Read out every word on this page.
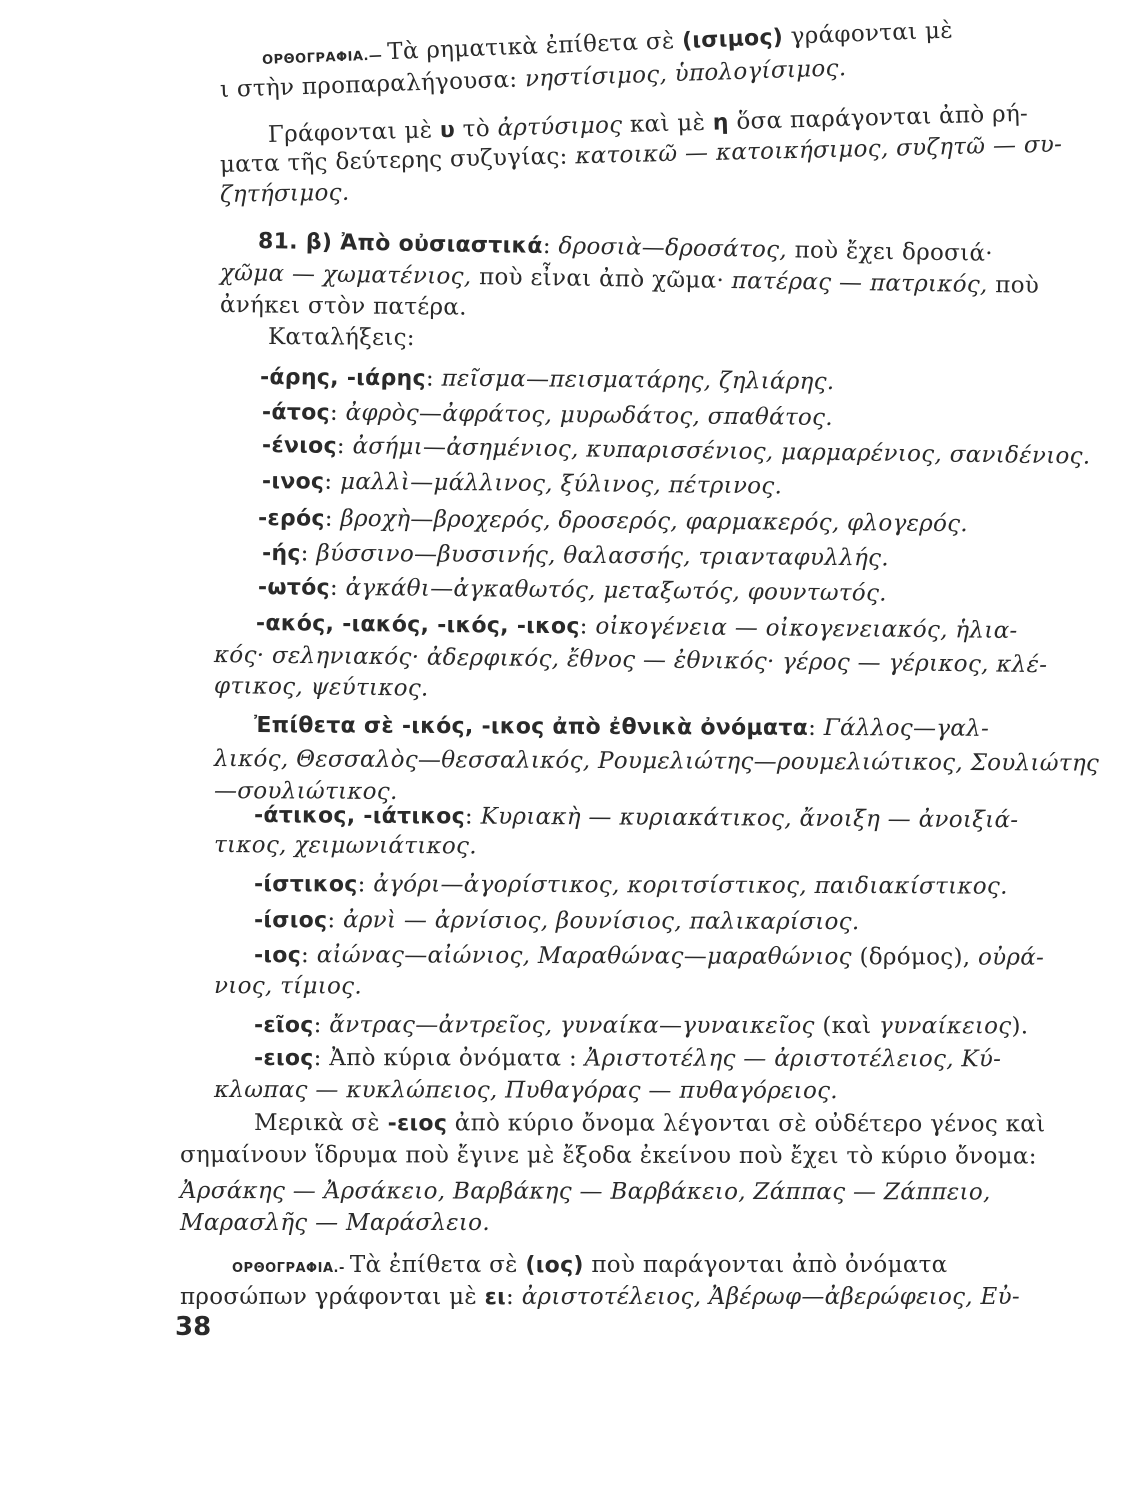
ΟΡΘΟΓΡΑΦΙΑ.— Τὰ ρηματικὰ ἐπίθετα σὲ (ισιμος) γράφονται μὲ
ι στὴν προπαραλήγουσα: νηστίσιμος, ὑπολογίσιμος.
Γράφονται μὲ υ τὸ ἀρτύσιμος καὶ μὲ η ὅσα παράγονται ἀπὸ ρή-
ματα τῆς δεύτερης συζυγίας: κατοικῶ — κατοικήσιμος, συζητῶ — συ-
ζητήσιμος.
81. β) Ἀπὸ οὐσιαστικά: δροσιὰ—δροσάτος, ποὺ ἔχει δροσιά·
χῶμα — χωματένιος, ποὺ εἶναι ἀπὸ χῶμα· πατέρας — πατρικός, ποὺ
ἀνήκει στὸν πατέρα.
Καταλήξεις:
-άρης, -ιάρης: πεῖσμα—πεισματάρης, ζηλιάρης.
-άτος: ἀφρὸς—ἀφράτος, μυρωδάτος, σπαθάτος.
-ένιος: ἀσήμι—ἀσημένιος, κυπαρισσένιος, μαρμαρένιος, σανιδένιος.
-ινος: μαλλὶ—μάλλινος, ξύλινος, πέτρινος.
-ερός: βροχὴ—βροχερός, δροσερός, φαρμακερός, φλογερός.
-ής: βύσσινο—βυσσινής, θαλασσής, τριανταφυλλής.
-ωτός: ἀγκάθι—ἀγκαθωτός, μεταξωτός, φουντωτός.
-ακός, -ιακός, -ικός, -ικος: οἰκογένεια — οἰκογενειακός, ἡλια-
κός· σεληνιακός· ἀδερφικός, ἔθνος — ἐθνικός· γέρος — γέρικος, κλέ-
φτικος, ψεύτικος.
Ἐπίθετα σὲ -ικός, -ικος ἀπὸ ἐθνικὰ ὀνόματα: Γάλλος—γαλ-
λικός, Θεσσαλὸς—θεσσαλικός, Ρουμελιώτης—ρουμελιώτικος, Σουλιώτης
—σουλιώτικος.
-άτικος, -ιάτικος: Κυριακὴ — κυριακάτικος, ἄνοιξη — ἀνοιξιά-
τικος, χειμωνιάτικος.
-ίστικος: ἀγόρι—ἀγορίστικος, κοριτσίστικος, παιδιακίστικος.
-ίσιος: ἀρνὶ — ἀρνίσιος, βουνίσιος, παλικαρίσιος.
-ιος: αἰώνας—αἰώνιος, Μαραθώνας—μαραθώνιος (δρόμος), οὐρά-
νιος, τίμιος.
-εῖος: ἄντρας—ἀντρεῖος, γυναίκα—γυναικεῖος (καὶ γυναίκειος).
-ειος: Ἀπὸ κύρια ὀνόματα : Ἀριστοτέλης — ἀριστοτέλειος, Κύ-
κλωπας — κυκλώπειος, Πυθαγόρας — πυθαγόρειος.
Μερικὰ σὲ -ειος ἀπὸ κύριο ὄνομα λέγονται σὲ οὐδέτερο γένος καὶ
σημαίνουν ἵδρυμα ποὺ ἔγινε μὲ ἔξοδα ἐκείνου ποὺ ἔχει τὸ κύριο ὄνομα:
Ἀρσάκης — Ἀρσάκειο, Βαρβάκης — Βαρβάκειο, Ζάππας — Ζάππειο,
Μαρασλῆς — Μαράσλειο.
ΟΡΘΟΓΡΑΦΙΑ.- Τὰ ἐπίθετα σὲ (ιος) ποὺ παράγονται ἀπὸ ὀνόματα
προσώπων γράφονται μὲ ει: ἀριστοτέλειος, Ἀβέρωφ—ἀβερώφειος, Εὐ-
38
